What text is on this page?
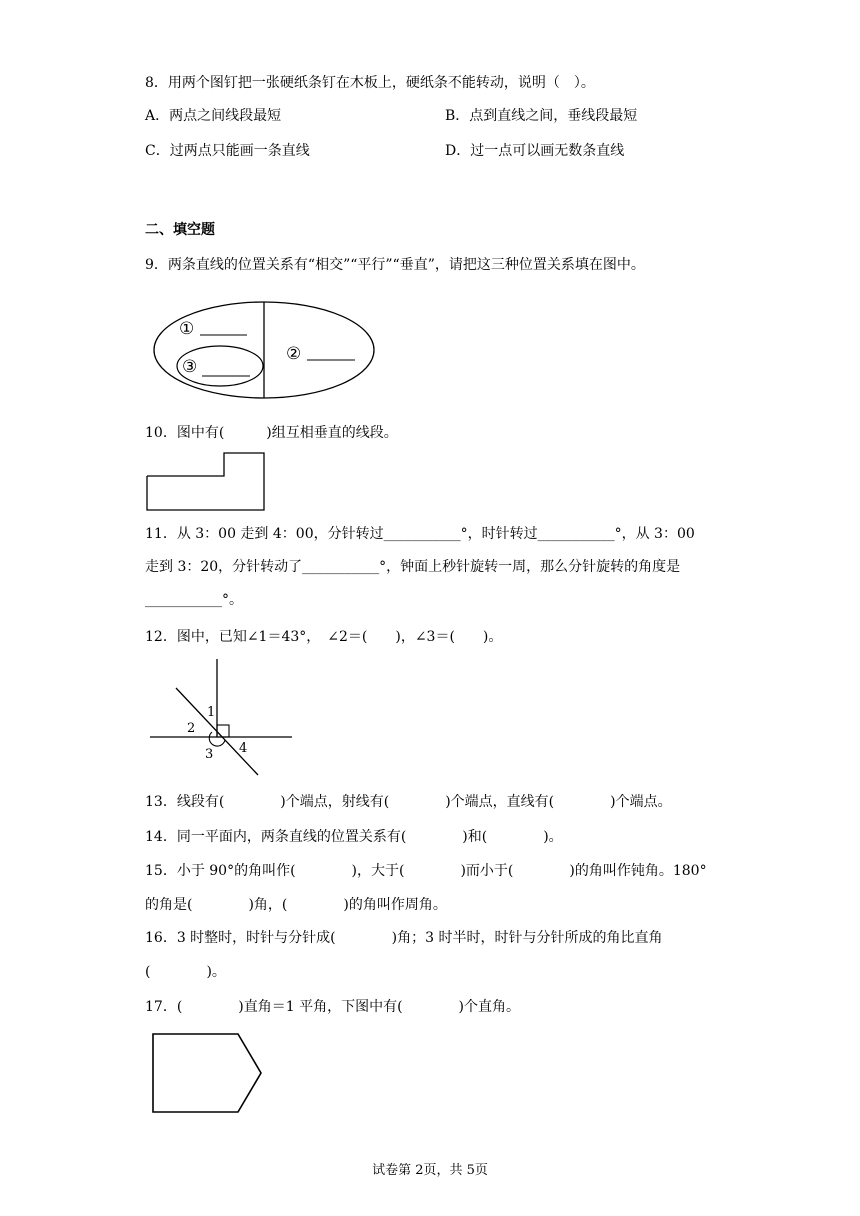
8．用两个图钉把一张硬纸条钉在木板上，硬纸条不能转动，说明（　）。
A．两点之间线段最短	B．点到直线之间，垂线段最短
C．过两点只能画一条直线	D．过一点可以画无数条直线
二、填空题
9．两条直线的位置关系有“相交”“平行”“垂直”，请把这三种位置关系填在图中。
①
②
③
10．图中有(　　　)组互相垂直的线段。
11．从 3：00 走到 4：00，分针转过___________°，时针转过___________°，从 3：00
走到 3：20，分针转动了___________°，钟面上秒针旋转一周，那么分针旋转的角度是
___________°。
12．图中，已知∠1＝43°，　∠2＝(　　)，∠3＝(　　)。
1
2
3 4
13．线段有(　　　　)个端点，射线有(　　　　)个端点，直线有(　　　　)个端点。
14．同一平面内，两条直线的位置关系有(　　　　)和(　　　　)。
15．小于 90°的角叫作(　　　　)，大于(　　　　)而小于(　　　　)的角叫作钝角。180°
的角是(　　　　)角，(　　　　)的角叫作周角。
16．3 时整时，时针与分针成(　　　　)角；3 时半时，时针与分针所成的角比直角
(　　　　)。
17．(　　　　)直角＝1 平角，下图中有(　　　　)个直角。
试卷第 2页，共 5页
